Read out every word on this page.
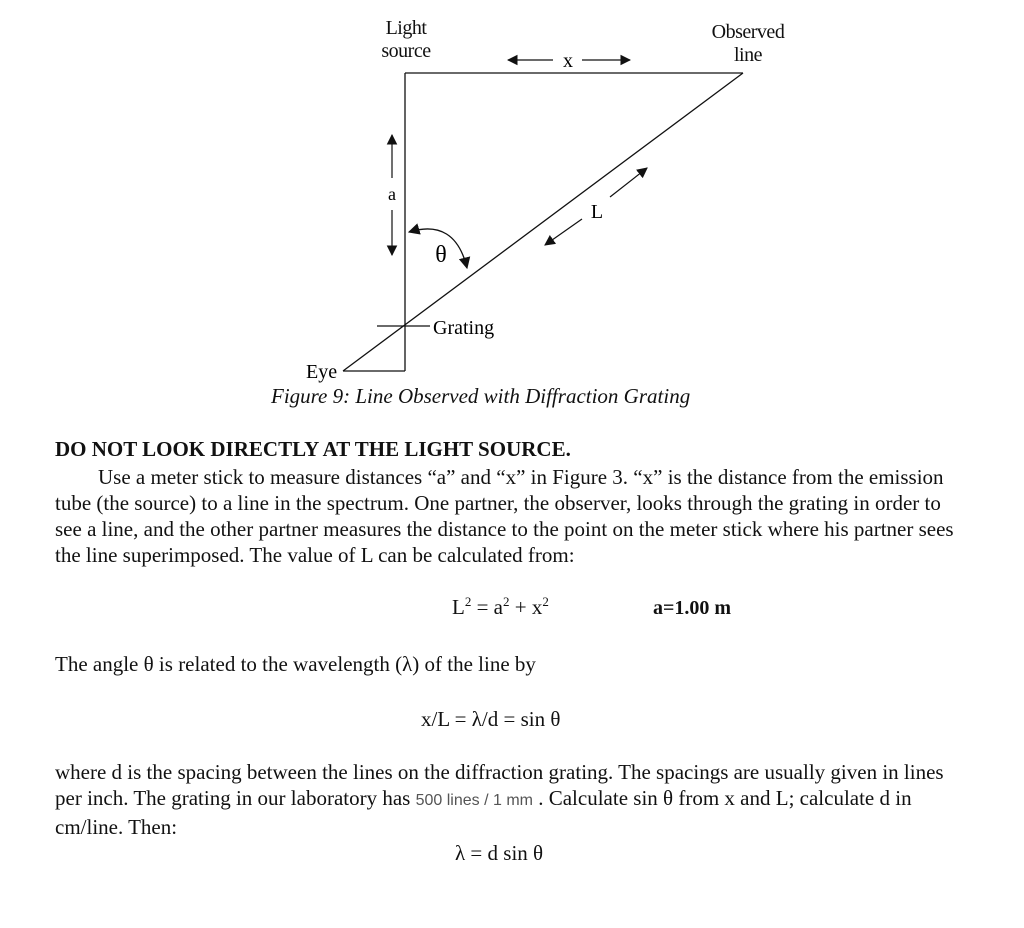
Light
source
Observed
line
x
a
L
θ
Grating
Eye
Figure 9: Line Observed with Diffraction Grating
DO NOT LOOK DIRECTLY AT THE LIGHT SOURCE.

Use a meter stick to measure distances “a” and “x” in Figure 3. “x” is the distance from the emission tube (the source) to a line in the spectrum. One partner, the observer, looks through the grating in order to see a line, and the other partner measures the distance to the point on the meter stick where his partner sees the line superimposed. The value of L can be calculated from:

$L^2 = a^2 + x^2$	a=1.00 m

The angle θ is related to the wavelength (λ) of the line by

x/L = λ/d = sin θ

where d is the spacing between the lines on the diffraction grating. The spacings are usually given in lines per inch. The grating in our laboratory has 500 lines / 1 mm . Calculate sin θ from x and L; calculate d in cm/line. Then:

λ = d sin θ
